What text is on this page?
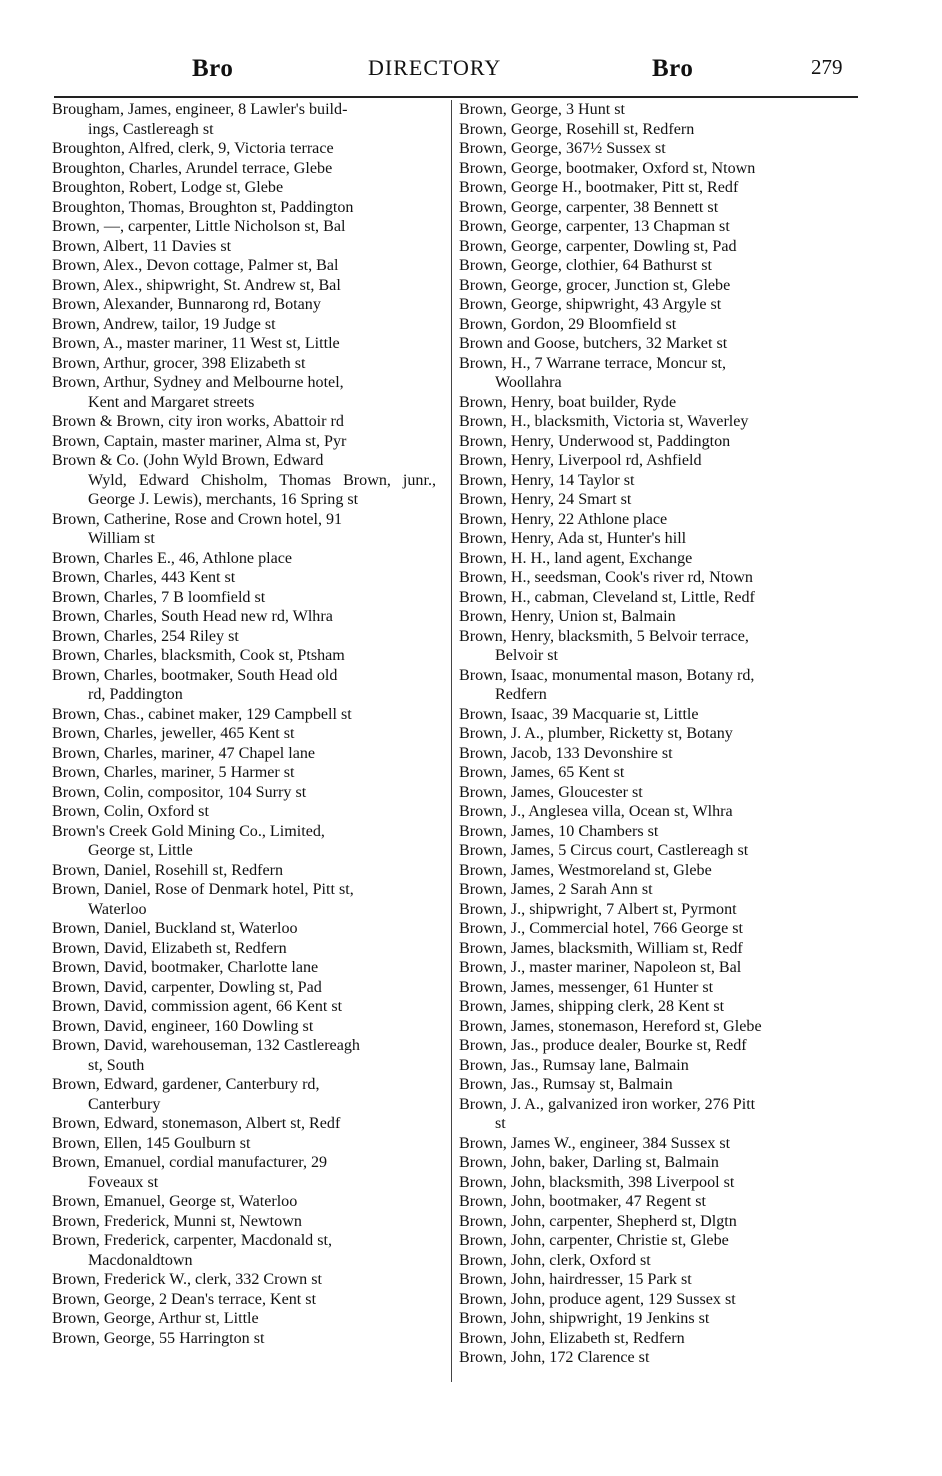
Bro	DIRECTORY	Bro	279
Brougham, James, engineer, 8 Lawler's build-
ings, Castlereagh st
Broughton, Alfred, clerk, 9, Victoria terrace
Broughton, Charles, Arundel terrace, Glebe
Broughton, Robert, Lodge st, Glebe
Broughton, Thomas, Broughton st, Paddington
Brown, —, carpenter, Little Nicholson st, Bal
Brown, Albert, 11 Davies st
Brown, Alex., Devon cottage, Palmer st, Bal
Brown, Alex., shipwright, St. Andrew st, Bal
Brown, Alexander, Bunnarong rd, Botany
Brown, Andrew, tailor, 19 Judge st
Brown, A., master mariner, 11 West st, Little
Brown, Arthur, grocer, 398 Elizabeth st
Brown, Arthur, Sydney and Melbourne hotel,
Kent and Margaret streets
Brown & Brown, city iron works, Abattoir rd
Brown, Captain, master mariner, Alma st, Pyr
Brown & Co. (John Wyld Brown, Edward
Wyld, Edward Chisholm, Thomas Brown, junr., George J. Lewis), merchants, 16 Spring st
Brown, Catherine, Rose and Crown hotel, 91
William st
Brown, Charles E., 46, Athlone place
Brown, Charles, 443 Kent st
Brown, Charles, 7 B loomfield st
Brown, Charles, South Head new rd, Wlhra
Brown, Charles, 254 Riley st
Brown, Charles, blacksmith, Cook st, Ptsham
Brown, Charles, bootmaker, South Head old
rd, Paddington
Brown, Chas., cabinet maker, 129 Campbell st
Brown, Charles, jeweller, 465 Kent st
Brown, Charles, mariner, 47 Chapel lane
Brown, Charles, mariner, 5 Harmer st
Brown, Colin, compositor, 104 Surry st
Brown, Colin, Oxford st
Brown's Creek Gold Mining Co., Limited,
George st, Little
Brown, Daniel, Rosehill st, Redfern
Brown, Daniel, Rose of Denmark hotel, Pitt st,
Waterloo
Brown, Daniel, Buckland st, Waterloo
Brown, David, Elizabeth st, Redfern
Brown, David, bootmaker, Charlotte lane
Brown, David, carpenter, Dowling st, Pad
Brown, David, commission agent, 66 Kent st
Brown, David, engineer, 160 Dowling st
Brown, David, warehouseman, 132 Castlereagh
st, South
Brown, Edward, gardener, Canterbury rd,
Canterbury
Brown, Edward, stonemason, Albert st, Redf
Brown, Ellen, 145 Goulburn st
Brown, Emanuel, cordial manufacturer, 29
Foveaux st
Brown, Emanuel, George st, Waterloo
Brown, Frederick, Munni st, Newtown
Brown, Frederick, carpenter, Macdonald st,
Macdonaldtown
Brown, Frederick W., clerk, 332 Crown st
Brown, George, 2 Dean's terrace, Kent st
Brown, George, Arthur st, Little
Brown, George, 55 Harrington st
Brown, George, 3 Hunt st
Brown, George, Rosehill st, Redfern
Brown, George, 367½ Sussex st
Brown, George, bootmaker, Oxford st, Ntown
Brown, George H., bootmaker, Pitt st, Redf
Brown, George, carpenter, 38 Bennett st
Brown, George, carpenter, 13 Chapman st
Brown, George, carpenter, Dowling st, Pad
Brown, George, clothier, 64 Bathurst st
Brown, George, grocer, Junction st, Glebe
Brown, George, shipwright, 43 Argyle st
Brown, Gordon, 29 Bloomfield st
Brown and Goose, butchers, 32 Market st
Brown, H., 7 Warrane terrace, Moncur st,
Woollahra
Brown, Henry, boat builder, Ryde
Brown, H., blacksmith, Victoria st, Waverley
Brown, Henry, Underwood st, Paddington
Brown, Henry, Liverpool rd, Ashfield
Brown, Henry, 14 Taylor st
Brown, Henry, 24 Smart st
Brown, Henry, 22 Athlone place
Brown, Henry, Ada st, Hunter's hill
Brown, H. H., land agent, Exchange
Brown, H., seedsman, Cook's river rd, Ntown
Brown, H., cabman, Cleveland st, Little, Redf
Brown, Henry, Union st, Balmain
Brown, Henry, blacksmith, 5 Belvoir terrace,
Belvoir st
Brown, Isaac, monumental mason, Botany rd,
Redfern
Brown, Isaac, 39 Macquarie st, Little
Brown, J. A., plumber, Ricketty st, Botany
Brown, Jacob, 133 Devonshire st
Brown, James, 65 Kent st
Brown, James, Gloucester st
Brown, J., Anglesea villa, Ocean st, Wlhra
Brown, James, 10 Chambers st
Brown, James, 5 Circus court, Castlereagh st
Brown, James, Westmoreland st, Glebe
Brown, James, 2 Sarah Ann st
Brown, J., shipwright, 7 Albert st, Pyrmont
Brown, J., Commercial hotel, 766 George st
Brown, James, blacksmith, William st, Redf
Brown, J., master mariner, Napoleon st, Bal
Brown, James, messenger, 61 Hunter st
Brown, James, shipping clerk, 28 Kent st
Brown, James, stonemason, Hereford st, Glebe
Brown, Jas., produce dealer, Bourke st, Redf
Brown, Jas., Rumsay lane, Balmain
Brown, Jas., Rumsay st, Balmain
Brown, J. A., galvanized iron worker, 276 Pitt
st
Brown, James W., engineer, 384 Sussex st
Brown, John, baker, Darling st, Balmain
Brown, John, blacksmith, 398 Liverpool st
Brown, John, bootmaker, 47 Regent st
Brown, John, carpenter, Shepherd st, Dlgtn
Brown, John, carpenter, Christie st, Glebe
Brown, John, clerk, Oxford st
Brown, John, hairdresser, 15 Park st
Brown, John, produce agent, 129 Sussex st
Brown, John, shipwright, 19 Jenkins st
Brown, John, Elizabeth st, Redfern
Brown, John, 172 Clarence st
